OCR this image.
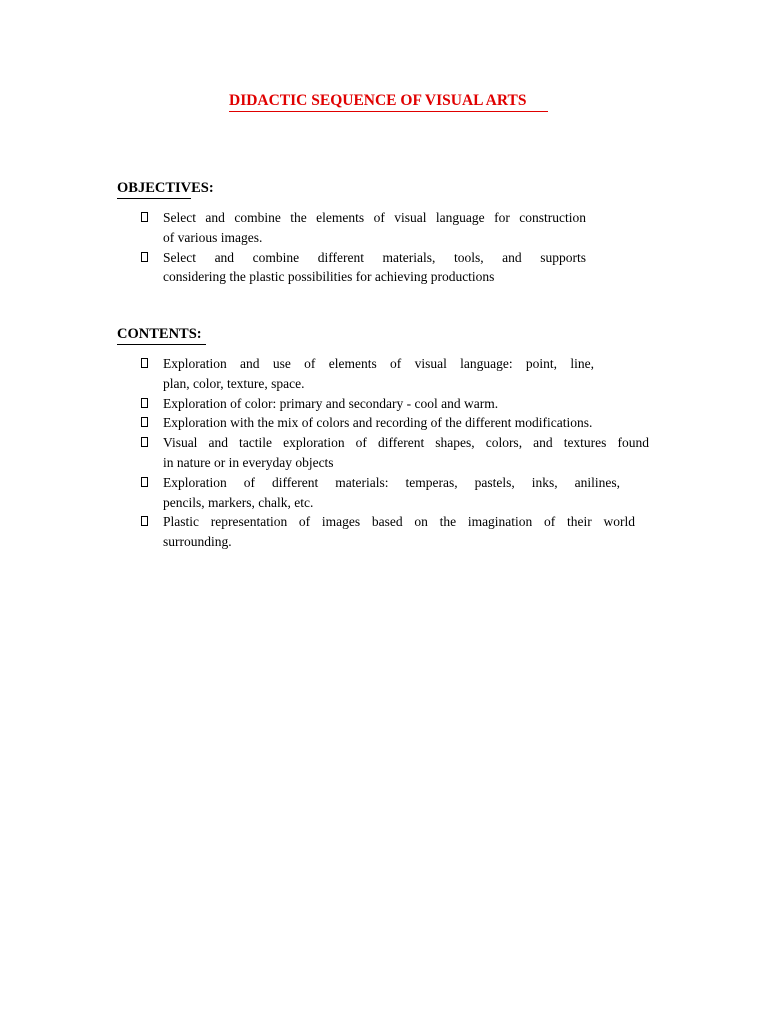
DIDACTIC SEQUENCE OF VISUAL ARTS
OBJECTIVES:
Select and combine the elements of visual language for construction
of various images.
Select and combine different materials, tools, and supports
considering the plastic possibilities for achieving productions
CONTENTS:
Exploration and use of elements of visual language: point, line,
plan, color, texture, space.
Exploration of color: primary and secondary - cool and warm.
Exploration with the mix of colors and recording of the different modifications.
Visual and tactile exploration of different shapes, colors, and textures found
in nature or in everyday objects
Exploration of different materials: temperas, pastels, inks, anilines,
pencils, markers, chalk, etc.
Plastic representation of images based on the imagination of their world
surrounding.
